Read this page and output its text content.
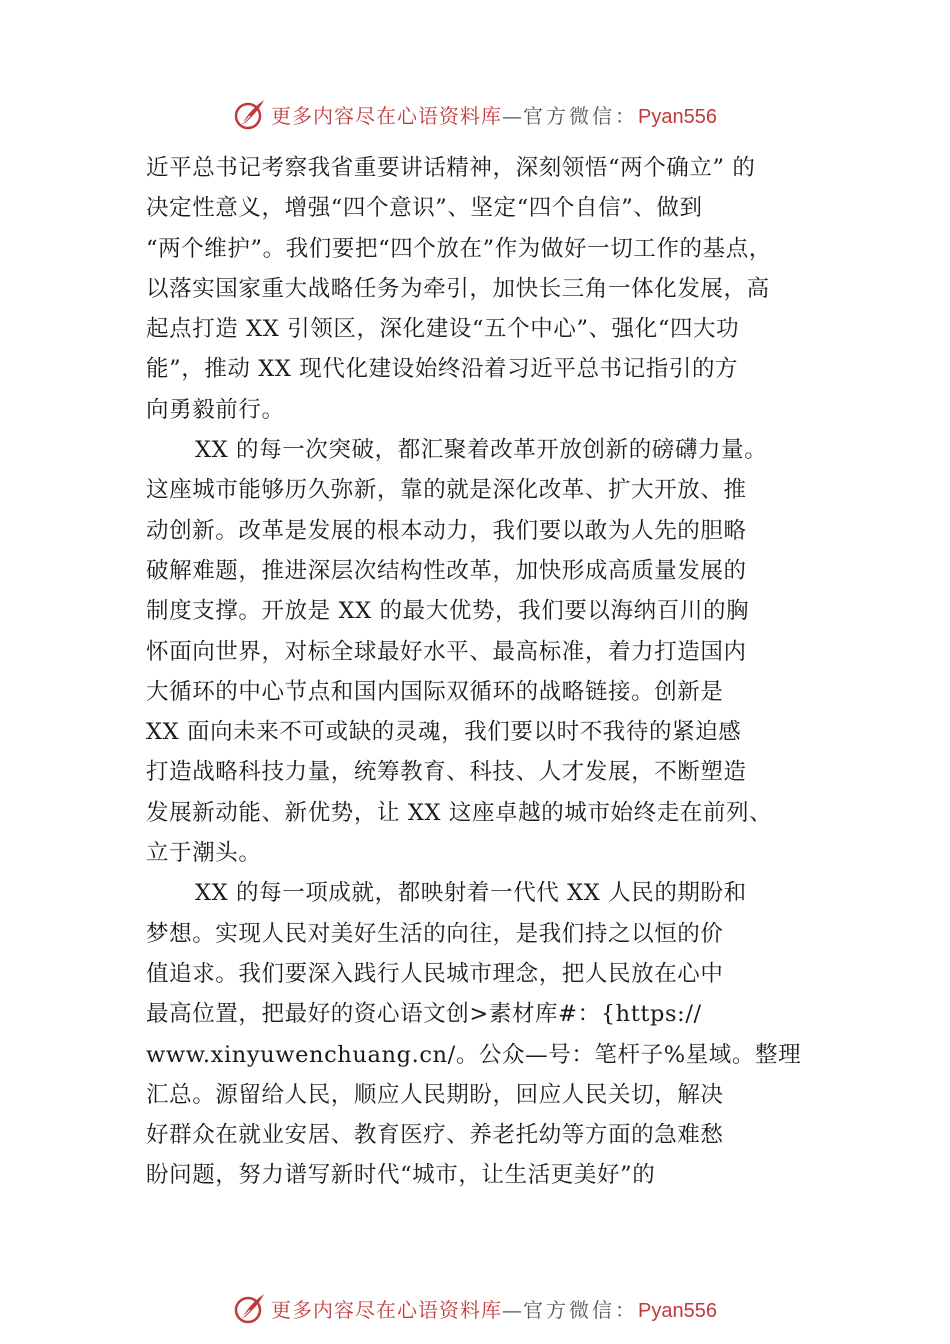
更多内容尽在心语资料库—官方微信：Pyan556
近平总书记考察我省重要讲话精神，深刻领悟“两个确立” 的
决定性意义，增强“四个意识”、坚定“四个自信”、做到
“两个维护”。我们要把“四个放在”作为做好一切工作的基点，
以落实国家重大战略任务为牵引，加快长三角一体化发展，高
起点打造 XX 引领区，深化建设“五个中心”、强化“四大功
能”，推动 XX 现代化建设始终沿着习近平总书记指引的方
向勇毅前行。
XX 的每一次突破，都汇聚着改革开放创新的磅礴力量。
这座城市能够历久弥新，靠的就是深化改革、扩大开放、推
动创新。改革是发展的根本动力，我们要以敢为人先的胆略
破解难题，推进深层次结构性改革，加快形成高质量发展的
制度支撑。开放是 XX 的最大优势，我们要以海纳百川的胸
怀面向世界，对标全球最好水平、最高标准，着力打造国内
大循环的中心节点和国内国际双循环的战略链接。创新是
XX 面向未来不可或缺的灵魂，我们要以时不我待的紧迫感
打造战略科技力量，统筹教育、科技、人才发展，不断塑造
发展新动能、新优势，让 XX 这座卓越的城市始终走在前列、
立于潮头。
XX 的每一项成就，都映射着一代代 XX 人民的期盼和
梦想。实现人民对美好生活的向往，是我们持之以恒的价
值追求。我们要深入践行人民城市理念，把人民放在心中
最高位置，把最好的资心语文创>素材库#：{https://
www.xinyuwenchuang.cn/。公众—号：笔杆子%星域。整理
汇总。源留给人民，顺应人民期盼，回应人民关切，解决
好群众在就业安居、教育医疗、养老托幼等方面的急难愁
盼问题，努力谱写新时代“城市，让生活更美好”的
更多内容尽在心语资料库—官方微信：Pyan556
